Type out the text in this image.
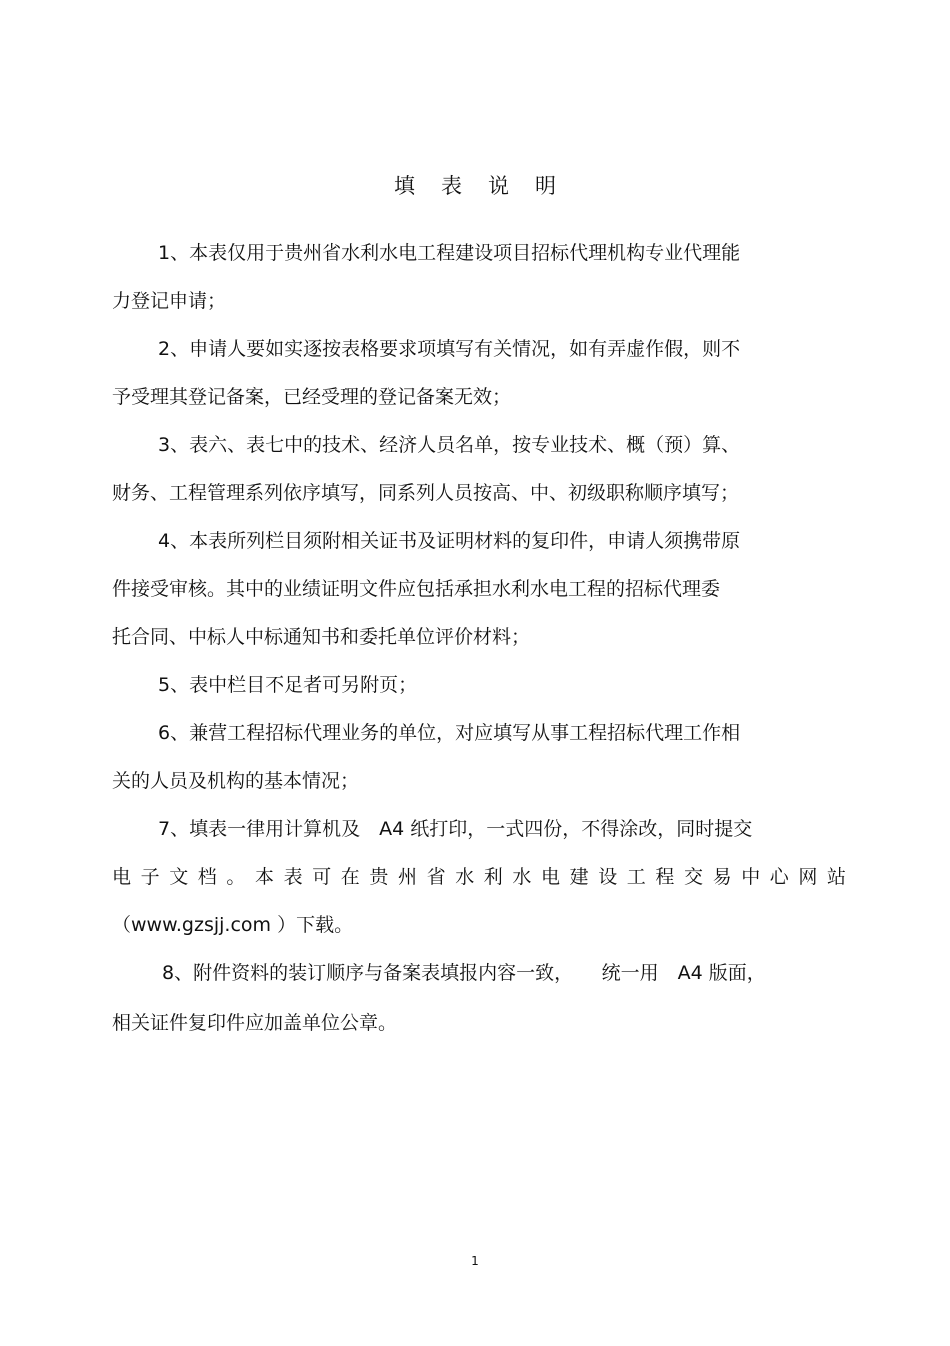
填表说明
1、本表仅用于贵州省水利水电工程建设项目招标代理机构专业代理能
力登记申请；
2、申请人要如实逐按表格要求项填写有关情况，如有弄虚作假，则不
予受理其登记备案，已经受理的登记备案无效；
3、表六、表七中的技术、经济人员名单，按专业技术、概（预）算、
财务、工程管理系列依序填写，同系列人员按高、中、初级职称顺序填写；
4、本表所列栏目须附相关证书及证明材料的复印件，申请人须携带原
件接受审核。其中的业绩证明文件应包括承担水利水电工程的招标代理委
托合同、中标人中标通知书和委托单位评价材料；
5、表中栏目不足者可另附页；
6、兼营工程招标代理业务的单位，对应填写从事工程招标代理工作相
关的人员及机构的基本情况；
7、填表一律用计算机及　A4 纸打印，一式四份，不得涂改，同时提交
电子文档。本表可在贵州省水利水电建设工程交易中心网站
（www.gzsjj.com ）下载。
8、附件资料的装订顺序与备案表填报内容一致，　　统一用　A4 版面，
相关证件复印件应加盖单位公章。
1
